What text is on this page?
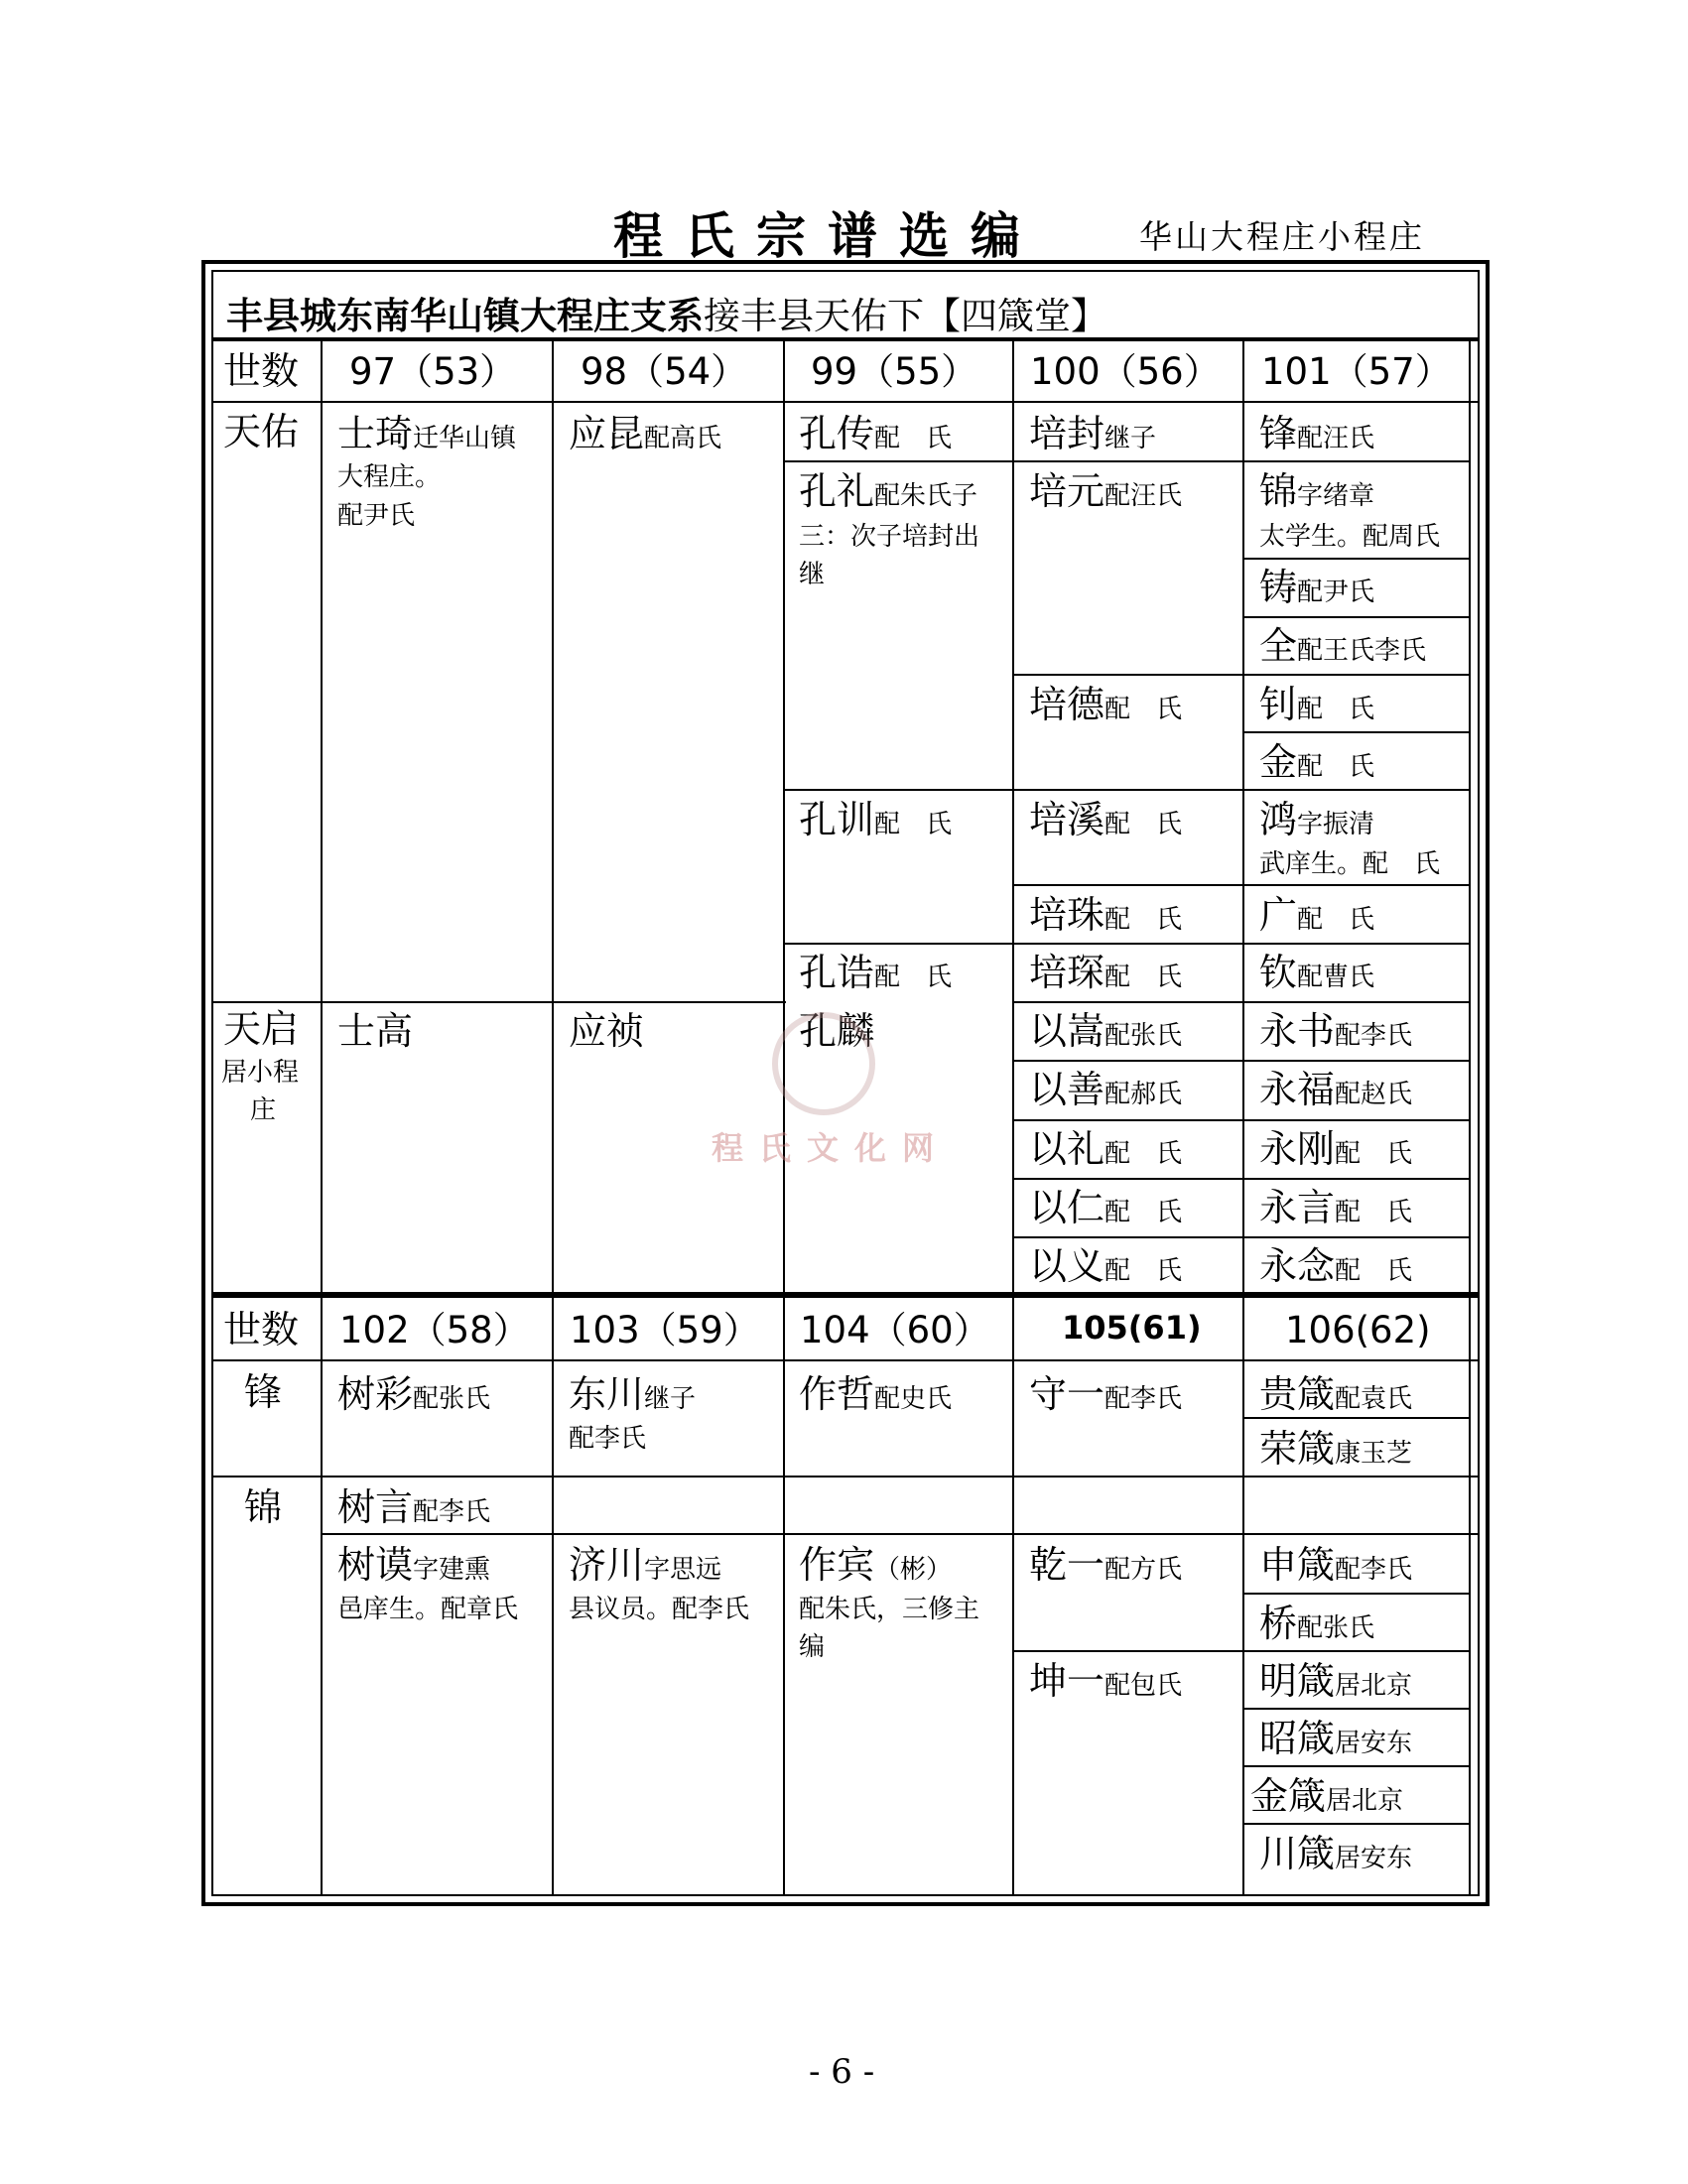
程氏宗谱选编	华山大程庄小程庄
丰县城东南华山镇大程庄支系接丰县天佑下【四箴堂】
世数 97（53） 98（54） 99（55） 100（56） 101（57）
天佑
天启
居小程
庄
士琦迁华山镇
大程庄。
配尹氏
士高
应昆配高氏
应祯
孔传配　氏
孔礼配朱氏子
三：次子培封出
继
孔训配　氏
孔诰配　氏
孔麟
培封继子
培元配汪氏
培德配　氏
培溪配　氏
培珠配　氏
培琛配　氏
以嵩配张氏
以善配郝氏
以礼配　氏
以仁配　氏
以义配　氏
锋配汪氏
锦字绪章
太学生。配周氏
铸配尹氏
全配王氏李氏
钊配　氏
金配　氏
鸿字振清
武庠生。配　氏
广配　氏
钦配曹氏
永书配李氏
永福配赵氏
永刚配　氏
永言配　氏
永念配　氏
程氏文化网
世数 102（58） 103（59） 104（60） 105(61) 106(62)
锋
锦
树彩配张氏
树言配李氏
树谟字建熏
邑庠生。配章氏
东川继子
配李氏
济川字思远
县议员。配李氏
作哲配史氏
作宾（彬）
配朱氏，三修主
编
守一配李氏
乾一配方氏
坤一配包氏
贵箴配袁氏
荣箴康玉芝
申箴配李氏
桥配张氏
明箴居北京
昭箴居安东
金箴居北京
川箴居安东
- 6 -
